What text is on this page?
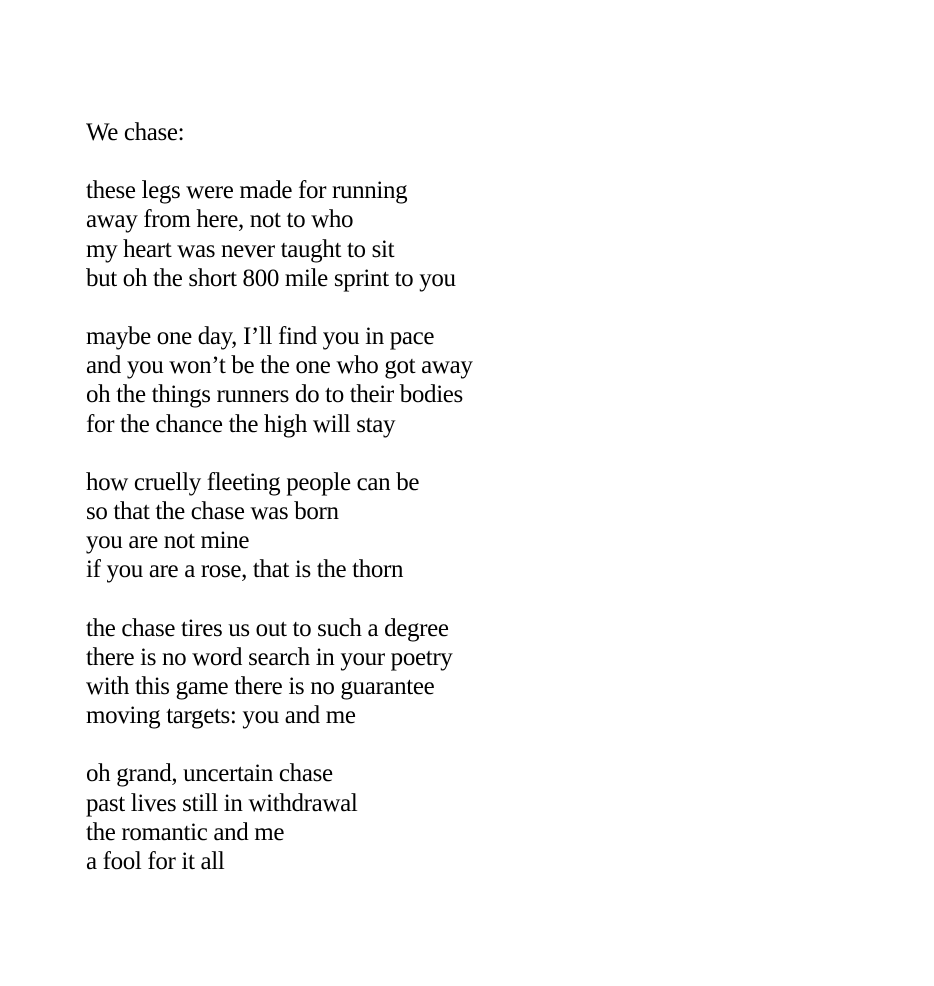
We chase:
these legs were made for running
away from here, not to who
my heart was never taught to sit
but oh the short 800 mile sprint to you
maybe one day, I’ll find you in pace
and you won’t be the one who got away
oh the things runners do to their bodies
for the chance the high will stay
how cruelly fleeting people can be
so that the chase was born
you are not mine
if you are a rose, that is the thorn
the chase tires us out to such a degree
there is no word search in your poetry
with this game there is no guarantee
moving targets: you and me
oh grand, uncertain chase
past lives still in withdrawal
the romantic and me
a fool for it all
